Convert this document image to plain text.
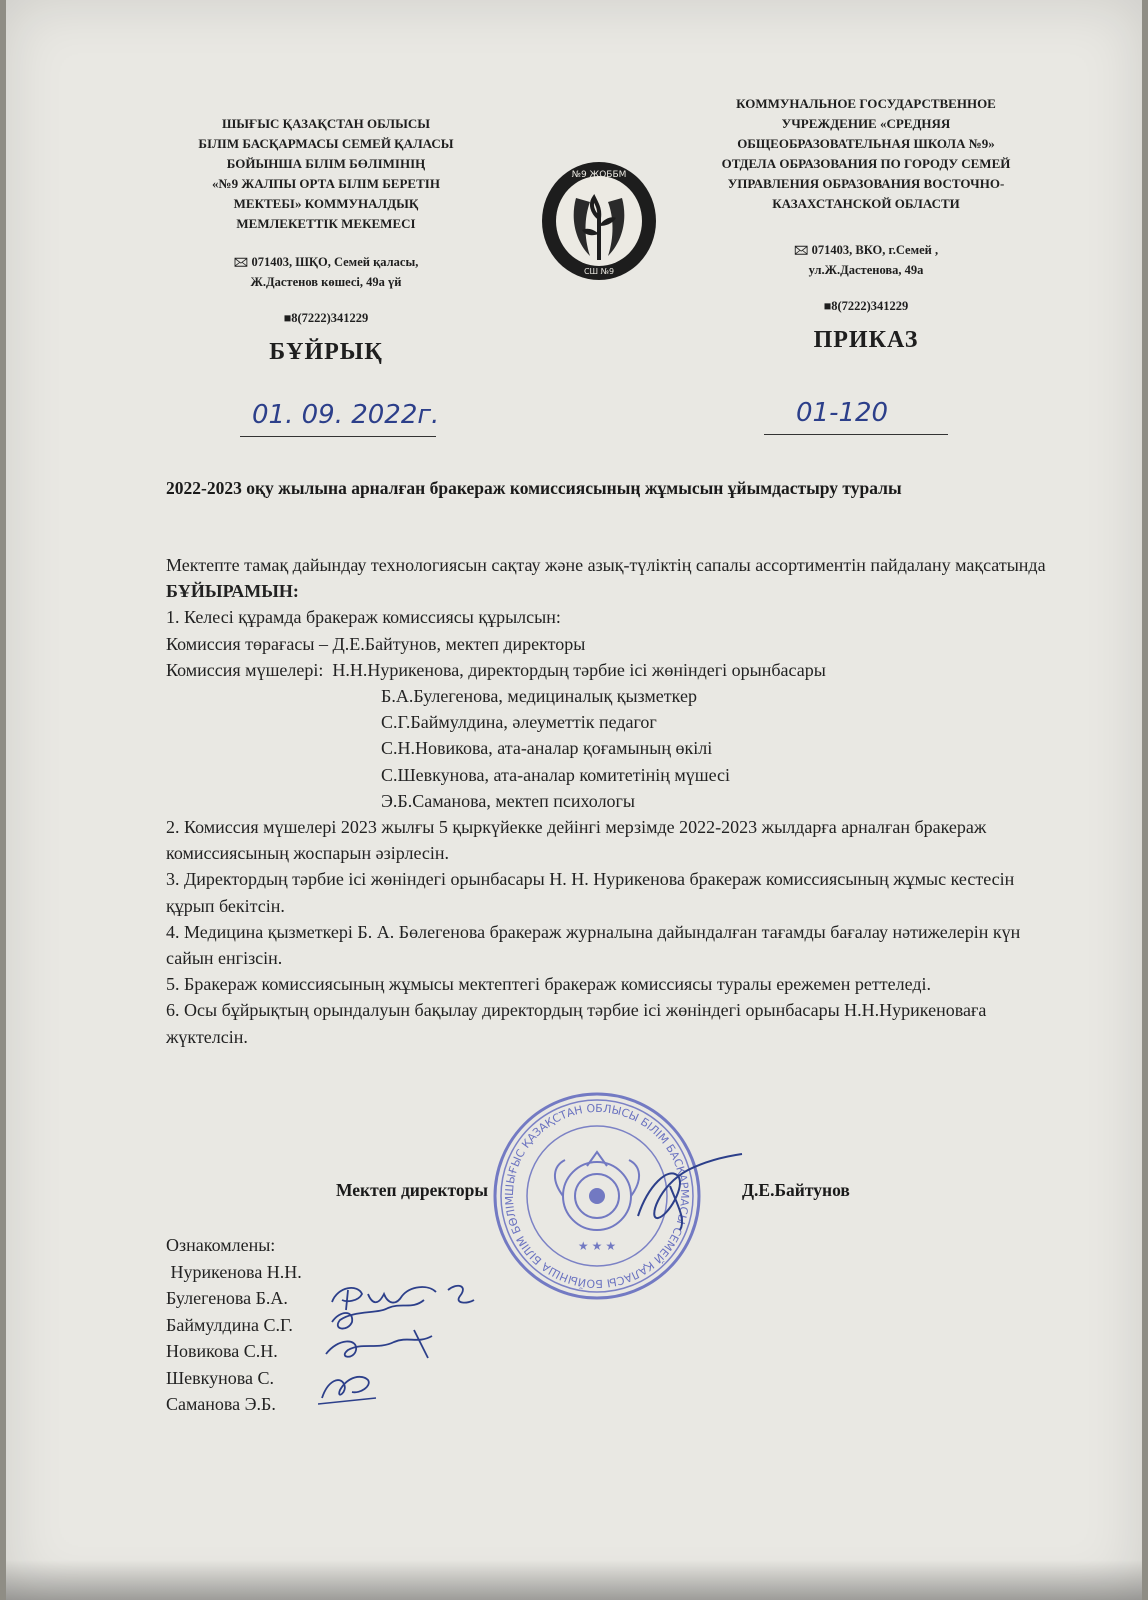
ШЫҒЫС ҚАЗАҚСТАН ОБЛЫСЫ
БІЛІМ БАСҚАРМАСЫ СЕМЕЙ ҚАЛАСЫ
БОЙЫНША БІЛІМ БӨЛІМІНІҢ
«№9 ЖАЛПЫ ОРТА БІЛІМ БЕРЕТІН
МЕКТЕБІ» КОММУНАЛДЫҚ
МЕМЛЕКЕТТІК МЕКЕМЕСІ
🖂 071403, ШҚО, Семей қаласы,
Ж.Дастенов көшесі, 49а үй
■8(7222)341229
БҰЙРЫҚ
№9 ЖОББМ
СШ №9
КОММУНАЛЬНОЕ ГОСУДАРСТВЕННОЕ
УЧРЕЖДЕНИЕ «СРЕДНЯЯ
ОБЩЕОБРАЗОВАТЕЛЬНАЯ ШКОЛА №9»
ОТДЕЛА ОБРАЗОВАНИЯ ПО ГОРОДУ СЕМЕЙ
УПРАВЛЕНИЯ ОБРАЗОВАНИЯ ВОСТОЧНО-
КАЗАХСТАНСКОЙ ОБЛАСТИ
🖂 071403, ВКО, г.Семей ,
ул.Ж.Дастенова, 49а
■8(7222)341229
ПРИКАЗ
01. 09. 2022г.	01-120
2022-2023 оқу жылына арналған бракераж комиссиясының жұмысын ұйымдастыру туралы

Мектепте тамақ дайындау технологиясын сақтау және азық-түліктің сапалы ассортиментін пайдалану мақсатында БҰЙЫРАМЫН:

1. Келесі құрамда бракераж комиссиясы құрылсын:

Комиссия төрағасы – Д.Е.Байтунов, мектеп директоры

Комиссия мүшелері: Н.Н.Нурикенова, директордың тәрбие ісі жөніндегі орынбасары

Б.А.Булегенова, медициналық қызметкер

С.Г.Баймулдина, әлеуметтік педагог

С.Н.Новикова, ата-аналар қоғамының өкілі

С.Шевкунова, ата-аналар комитетінің мүшесі

Э.Б.Саманова, мектеп психологы

2. Комиссия мүшелері 2023 жылғы 5 қыркүйекке дейінгі мерзімде 2022-2023 жылдарға арналған бракераж комиссиясының жоспарын әзірлесін.

3. Директордың тәрбие ісі жөніндегі орынбасары Н. Н. Нурикенова бракераж комиссиясының жұмыс кестесін құрып бекітсін.

4. Медицина қызметкері Б. А. Бөлегенова бракераж журналына дайындалған тағамды бағалау нәтижелерін күн сайын енгізсін.

5. Бракераж комиссиясының жұмысы мектептегі бракераж комиссиясы туралы ережемен реттеледі.

6. Осы бұйрықтың орындалуын бақылау директордың тәрбие ісі жөніндегі орынбасары Н.Н.Нурикеноваға жүктелсін.

ШЫҒЫС ҚАЗАҚСТАН ОБЛЫСЫ БІЛІМ БАСҚАРМАСЫ СЕМЕЙ ҚАЛАСЫ БОЙЫНША БІЛІМ БӨЛІМ
★ ★ ★
Мектеп директоры	Д.Е.Байтунов
Ознакомлены:
Нурикенова Н.Н.
Булегенова Б.А.
Баймулдина С.Г.
Новикова С.Н.
Шевкунова С.
Саманова Э.Б.
